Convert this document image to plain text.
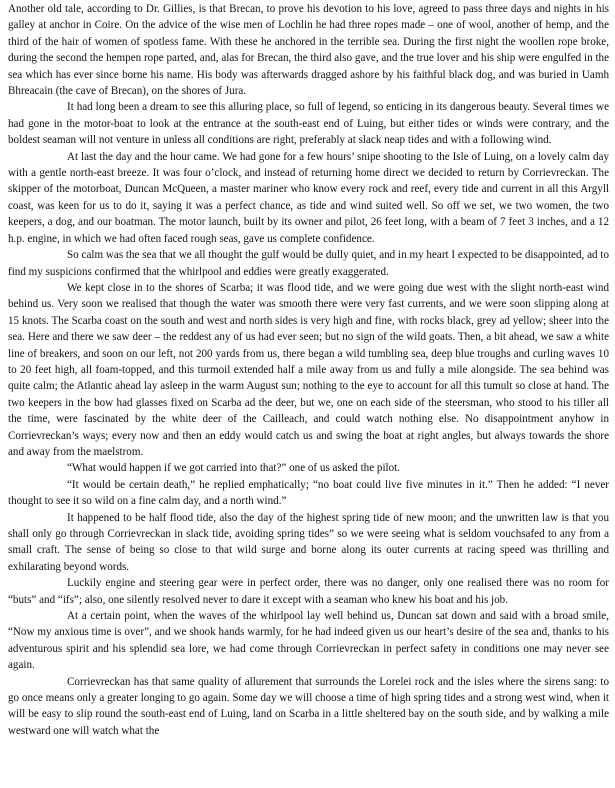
Another old tale, according to Dr. Gillies, is that Brecan, to prove his devotion to his love, agreed to pass three days and nights in his galley at anchor in Coire. On the advice of the wise men of Lochlin he had three ropes made – one of wool, another of hemp, and the third of the hair of women of spotless fame. With these he anchored in the terrible sea. During the first night the woollen rope broke, during the second the hempen rope parted, and, alas for Brecan, the third also gave, and the true lover and his ship were engulfed in the sea which has ever since borne his name. His body was afterwards dragged ashore by his faithful black dog, and was buried in Uamh Bhreacain (the cave of Brecan), on the shores of Jura.

It had long been a dream to see this alluring place, so full of legend, so enticing in its dangerous beauty. Several times we had gone in the motor-boat to look at the entrance at the south-east end of Luing, but either tides or winds were contrary, and the boldest seaman will not venture in unless all conditions are right, preferably at slack neap tides and with a following wind.

At last the day and the hour came. We had gone for a few hours’ snipe shooting to the Isle of Luing, on a lovely calm day with a gentle north-east breeze. It was four o’clock, and instead of returning home direct we decided to return by Corrievreckan. The skipper of the motorboat, Duncan McQueen, a master mariner who know every rock and reef, every tide and current in all this Argyll coast, was keen for us to do it, saying it was a perfect chance, as tide and wind suited well. So off we set, we two women, the two keepers, a dog, and our boatman. The motor launch, built by its owner and pilot, 26 feet long, with a beam of 7 feet 3 inches, and a 12 h.p. engine, in which we had often faced rough seas, gave us complete confidence.

So calm was the sea that we all thought the gulf would be dully quiet, and in my heart I expected to be disappointed, ad to find my suspicions confirmed that the whirlpool and eddies were greatly exaggerated.

We kept close in to the shores of Scarba; it was flood tide, and we were going due west with the slight north-east wind behind us. Very soon we realised that though the water was smooth there were very fast currents, and we were soon slipping along at 15 knots. The Scarba coast on the south and west and north sides is very high and fine, with rocks black, grey ad yellow; sheer into the sea. Here and there we saw deer – the reddest any of us had ever seen; but no sign of the wild goats. Then, a bit ahead, we saw a white line of breakers, and soon on our left, not 200 yards from us, there began a wild tumbling sea, deep blue troughs and curling waves 10 to 20 feet high, all foam-topped, and this turmoil extended half a mile away from us and fully a mile alongside. The sea behind was quite calm; the Atlantic ahead lay asleep in the warm August sun; nothing to the eye to account for all this tumult so close at hand. The two keepers in the bow had glasses fixed on Scarba ad the deer, but we, one on each side of the steersman, who stood to his tiller all the time, were fascinated by the white deer of the Cailleach, and could watch nothing else. No disappointment anyhow in Corrievreckan’s ways; every now and then an eddy would catch us and swing the boat at right angles, but always towards the shore and away from the maelstrom.

“What would happen if we got carried into that?” one of us asked the pilot.

“It would be certain death,” he replied emphatically; “no boat could live five minutes in it.” Then he added: “I never thought to see it so wild on a fine calm day, and a north wind.”

It happened to be half flood tide, also the day of the highest spring tide of new moon; and the unwritten law is that you shall only go through Corrievreckan in slack tide, avoiding spring tides” so we were seeing what is seldom vouchsafed to any from a small craft. The sense of being so close to that wild surge and borne along its outer currents at racing speed was thrilling and exhilarating beyond words.

Luckily engine and steering gear were in perfect order, there was no danger, only one realised there was no room for “buts” and “ifs”; also, one silently resolved never to dare it except with a seaman who knew his boat and his job.

At a certain point, when the waves of the whirlpool lay well behind us, Duncan sat down and said with a broad smile, “Now my anxious time is over”, and we shook hands warmly, for he had indeed given us our heart’s desire of the sea and, thanks to his adventurous spirit and his splendid sea lore, we had come through Corrievreckan in perfect safety in conditions one may never see again.

Corrievreckan has that same quality of allurement that surrounds the Lorelei rock and the isles where the sirens sang: to go once means only a greater longing to go again. Some day we will choose a time of high spring tides and a strong west wind, when it will be easy to slip round the south-east end of Luing, land on Scarba in a little sheltered bay on the south side, and by walking a mile westward one will watch what the
